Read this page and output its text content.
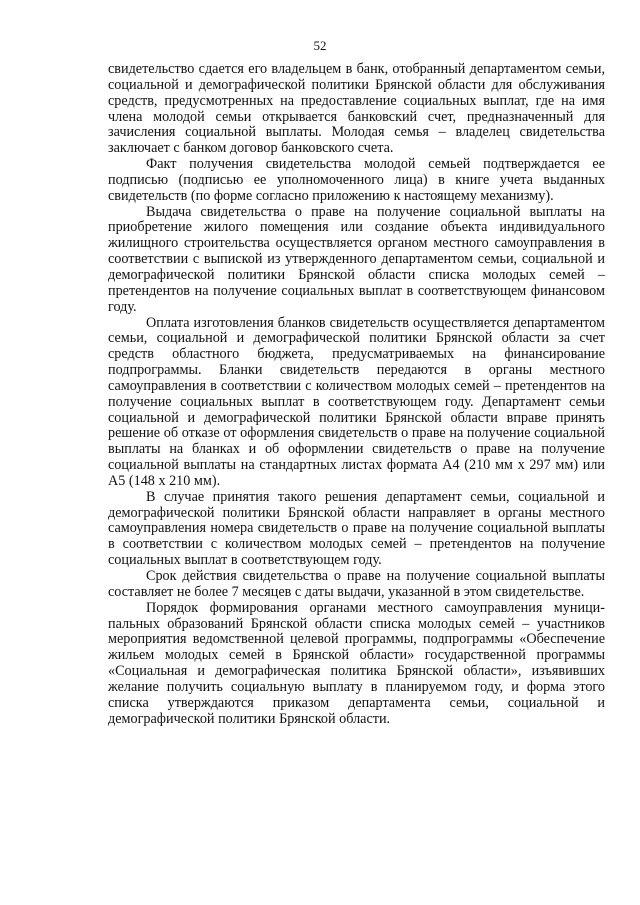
52

свидетельство сдается его владельцем в банк, отобранный департаментом семьи, социальной и демографической политики Брянской области для обслуживания средств, предусмотренных на предоставление социальных выплат, где на имя члена молодой семьи открывается банковский счет, предназначенный для зачисления социальной выплаты. Молодая семья – владелец свидетельства заключает с банком договор банковского счета.

Факт получения свидетельства молодой семьей подтверждается ее подписью (подписью ее уполномоченного лица) в книге учета выданных свидетельств (по форме согласно приложению к настоящему механизму).

Выдача свидетельства о праве на получение социальной выплаты на приобретение жилого помещения или создание объекта индивидуального жилищного строительства осуществляется органом местного самоуправления в соответствии с выпиской из утвержденного департаментом семьи, социальной и демографической политики Брянской области списка молодых семей – претендентов на получение социальных выплат в соответствующем финансовом году.

Оплата изготовления бланков свидетельств осуществляется департаментом семьи, социальной и демографической политики Брянской области за счет средств областного бюджета, предусматриваемых на финансирование подпрограммы. Бланки свидетельств передаются в органы местного самоуправления в соответствии с количеством молодых семей – претендентов на получение социальных выплат в соответствующем году. Департамент семьи социальной и демографической политики Брянской области вправе принять решение об отказе от оформления свидетельств о праве на получение социальной выплаты на бланках и об оформлении свидетельств о праве на получение социальной выплаты на стандартных листах формата А4 (210 мм х 297 мм) или А5 (148 х 210 мм).

В случае принятия такого решения департамент семьи, социальной и демографической политики Брянской области направляет в органы местного самоуправления номера свидетельств о праве на получение социальной выплаты в соответствии с количеством молодых семей – претендентов на получение социальных выплат в соответствующем году.

Срок действия свидетельства о праве на получение социальной выплаты составляет не более 7 месяцев с даты выдачи, указанной в этом свидетельстве.

Порядок формирования органами местного самоуправления муниципальных образований Брянской области списка молодых семей – участников мероприятия ведомственной целевой программы, подпрограммы «Обеспечение жильем молодых семей в Брянской области» государственной программы «Социальная и демографическая политика Брянской области», изъявивших желание получить социальную выплату в планируемом году, и форма этого списка утверждаются приказом департамента семьи, социальной и демографической политики Брянской области.
